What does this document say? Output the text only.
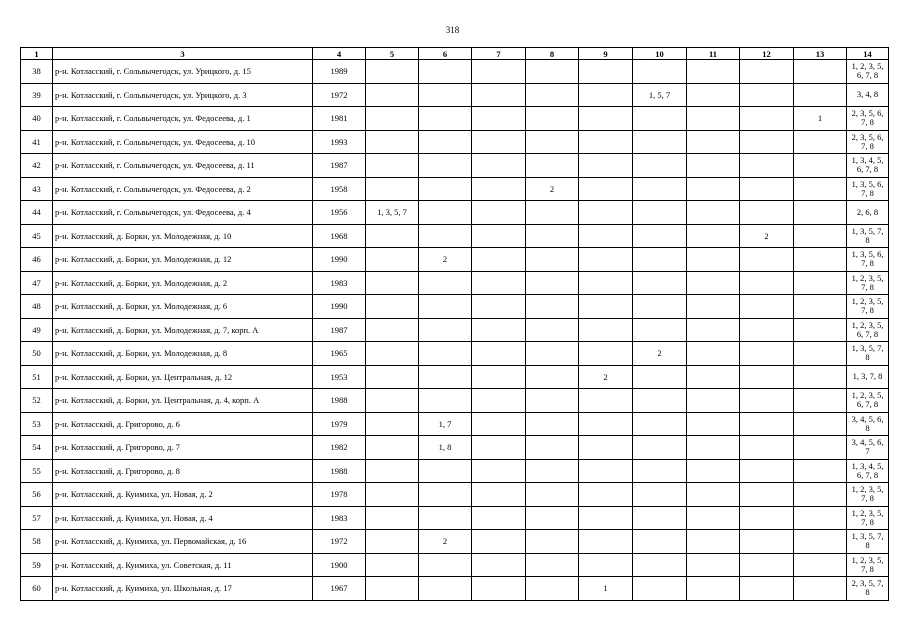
318
1	3	4	5	6	7	8	9	10	11	12	13	14
38	р-н. Котласский, г. Сольвычегодск, ул. Урицкого, д. 15	1989										1, 2, 3, 5, 6, 7, 8
39	р-н. Котласский, г. Сольвычегодск, ул. Урицкого, д. 3	1972						1, 5, 7				3, 4, 8
40	р-н. Котласский, г. Сольвычегодск, ул. Федосеева, д. 1	1981									1	2, 3, 5, 6, 7, 8
41	р-н. Котласский, г. Сольвычегодск, ул. Федосеева, д. 10	1993										2, 3, 5, 6, 7, 8
42	р-н. Котласский, г. Сольвычегодск, ул. Федосеева, д. 11	1987										1, 3, 4, 5, 6, 7, 8
43	р-н. Котласский, г. Сольвычегодск, ул. Федосеева, д. 2	1958				2						1, 3, 5, 6, 7, 8
44	р-н. Котласский, г. Сольвычегодск, ул. Федосеева, д. 4	1956	1, 3, 5, 7									2, 6, 8
45	р-н. Котласский, д. Борки, ул. Молодежная, д. 10	1968								2		1, 3, 5, 7, 8
46	р-н. Котласский, д. Борки, ул. Молодежная, д. 12	1990		2								1, 3, 5, 6, 7, 8
47	р-н. Котласский, д. Борки, ул. Молодежная, д. 2	1983										1, 2, 3, 5, 7, 8
48	р-н. Котласский, д. Борки, ул. Молодежная, д. 6	1990										1, 2, 3, 5, 7, 8
49	р-н. Котласский, д. Борки, ул. Молодежная, д. 7, корп. А	1987										1, 2, 3, 5, 6, 7, 8
50	р-н. Котласский, д. Борки, ул. Молодежная, д. 8	1965						2				1, 3, 5, 7, 8
51	р-н. Котласский, д. Борки, ул. Центральная, д. 12	1953					2					1, 3, 7, 8
52	р-н. Котласский, д. Борки, ул. Центральная, д. 4, корп. А	1988										1, 2, 3, 5, 6, 7, 8
53	р-н. Котласский, д. Григорово, д. 6	1979		1, 7								3, 4, 5, 6, 8
54	р-н. Котласский, д. Григорово, д. 7	1982		1, 8								3, 4, 5, 6, 7
55	р-н. Котласский, д. Григорово, д. 8	1988										1, 3, 4, 5, 6, 7, 8
56	р-н. Котласский, д. Куимиха, ул. Новая, д. 2	1978										1, 2, 3, 5, 7, 8
57	р-н. Котласский, д. Куимиха, ул. Новая, д. 4	1983										1, 2, 3, 5, 7, 8
58	р-н. Котласский, д. Куимиха, ул. Первомайская, д. 16	1972		2								1, 3, 5, 7, 8
59	р-н. Котласский, д. Куимиха, ул. Советская, д. 11	1900										1, 2, 3, 5, 7, 8
60	р-н. Котласский, д. Куимиха, ул. Школьная, д. 17	1967					1					2, 3, 5, 7, 8
